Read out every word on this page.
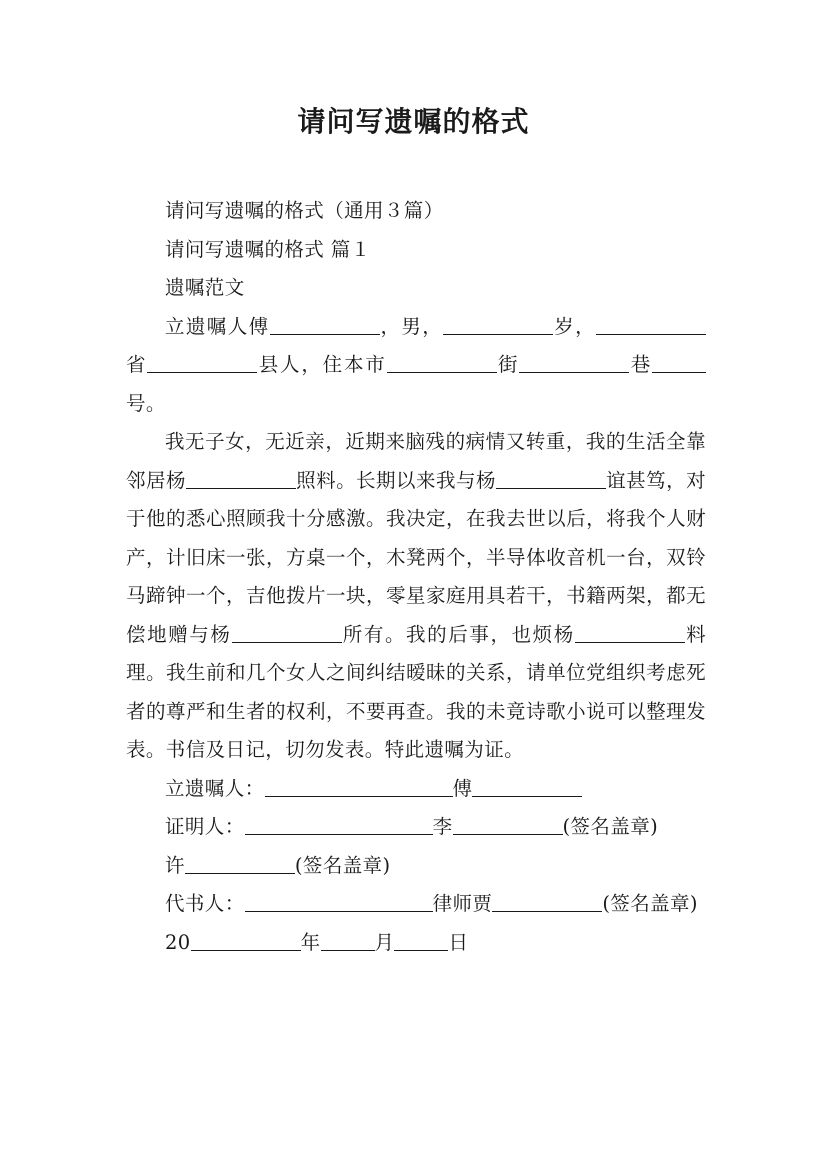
请问写遗嘱的格式

请问写遗嘱的格式（通用３篇）

请问写遗嘱的格式 篇１

遗嘱范文

立遗嘱人傅	，男，	岁，省	县人，住本市	街	巷号。

我无子女，无近亲，近期来脑残的病情又转重，我的生活全靠邻居杨	照料。长期以来我与杨	谊甚笃，对于他的悉心照顾我十分感激。我决定，在我去世以后，将我个人财产，计旧床一张，方桌一个，木凳两个，半导体收音机一台，双铃马蹄钟一个，吉他拨片一块，零星家庭用具若干，书籍两架，都无偿地赠与杨	所有。我的后事，也烦杨	料理。我生前和几个女人之间纠结暧昧的关系，请单位党组织考虑死者的尊严和生者的权利，不要再查。我的未竟诗歌小说可以整理发表。书信及日记，切勿发表。特此遗嘱为证。

立遗嘱人：	傅

证明人：	李	(签名盖章)

许	(签名盖章)

代书人：	律师贾	(签名盖章)

20	年	月	日
